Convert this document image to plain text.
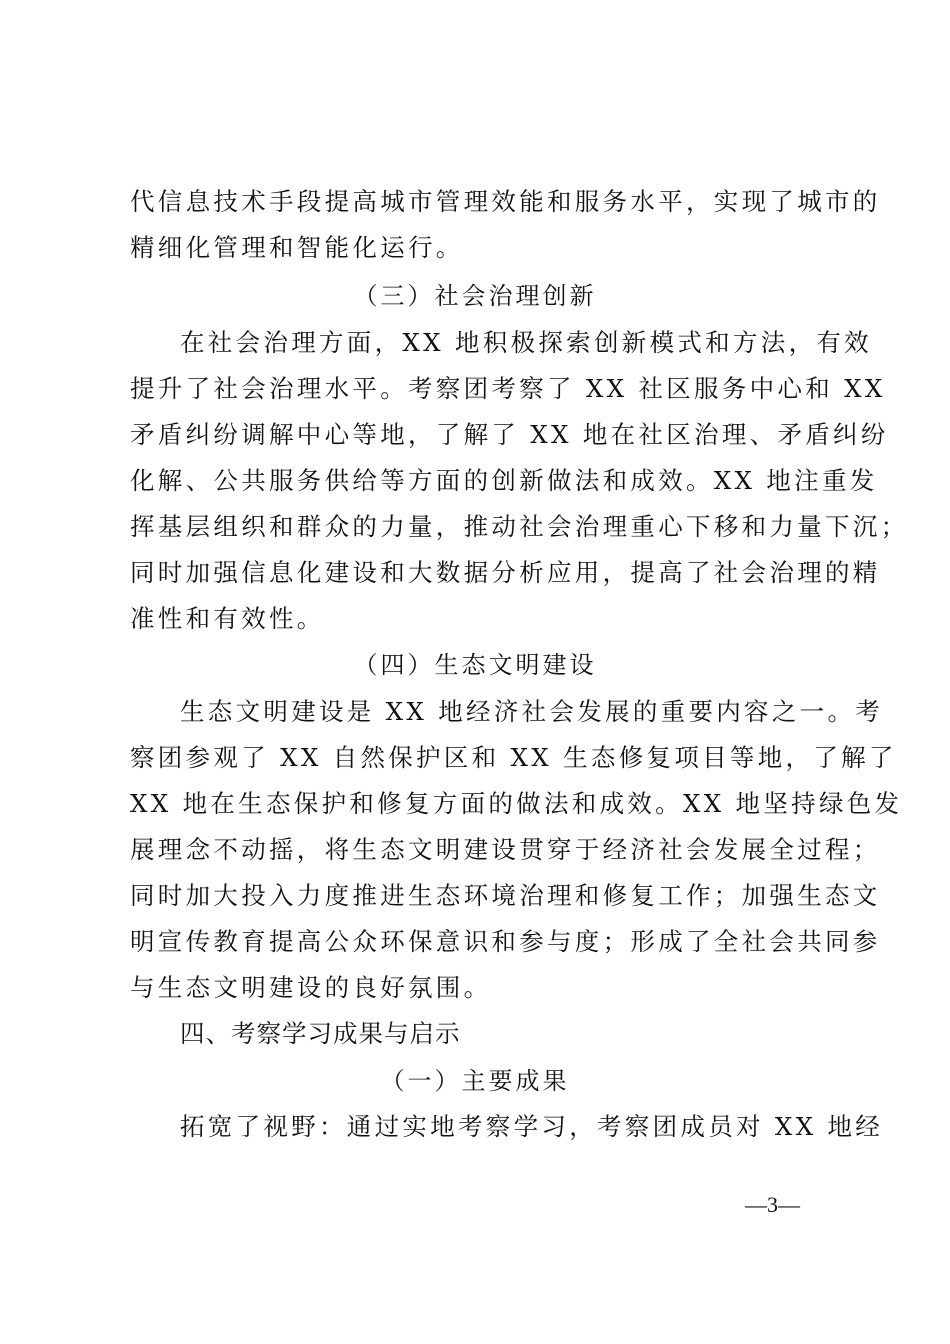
代信息技术手段提高城市管理效能和服务水平，实现了城市的
精细化管理和智能化运行。
（三）社会治理创新
在社会治理方面，XX 地积极探索创新模式和方法，有效
提升了社会治理水平。考察团考察了 XX 社区服务中心和 XX
矛盾纠纷调解中心等地，了解了 XX 地在社区治理、矛盾纠纷
化解、公共服务供给等方面的创新做法和成效。XX 地注重发
挥基层组织和群众的力量，推动社会治理重心下移和力量下沉；
同时加强信息化建设和大数据分析应用，提高了社会治理的精
准性和有效性。
（四）生态文明建设
生态文明建设是 XX 地经济社会发展的重要内容之一。考
察团参观了 XX 自然保护区和 XX 生态修复项目等地，了解了
XX 地在生态保护和修复方面的做法和成效。XX 地坚持绿色发
展理念不动摇，将生态文明建设贯穿于经济社会发展全过程；
同时加大投入力度推进生态环境治理和修复工作；加强生态文
明宣传教育提高公众环保意识和参与度；形成了全社会共同参
与生态文明建设的良好氛围。
四、考察学习成果与启示
（一）主要成果
拓宽了视野：通过实地考察学习，考察团成员对 XX 地经
—3—
